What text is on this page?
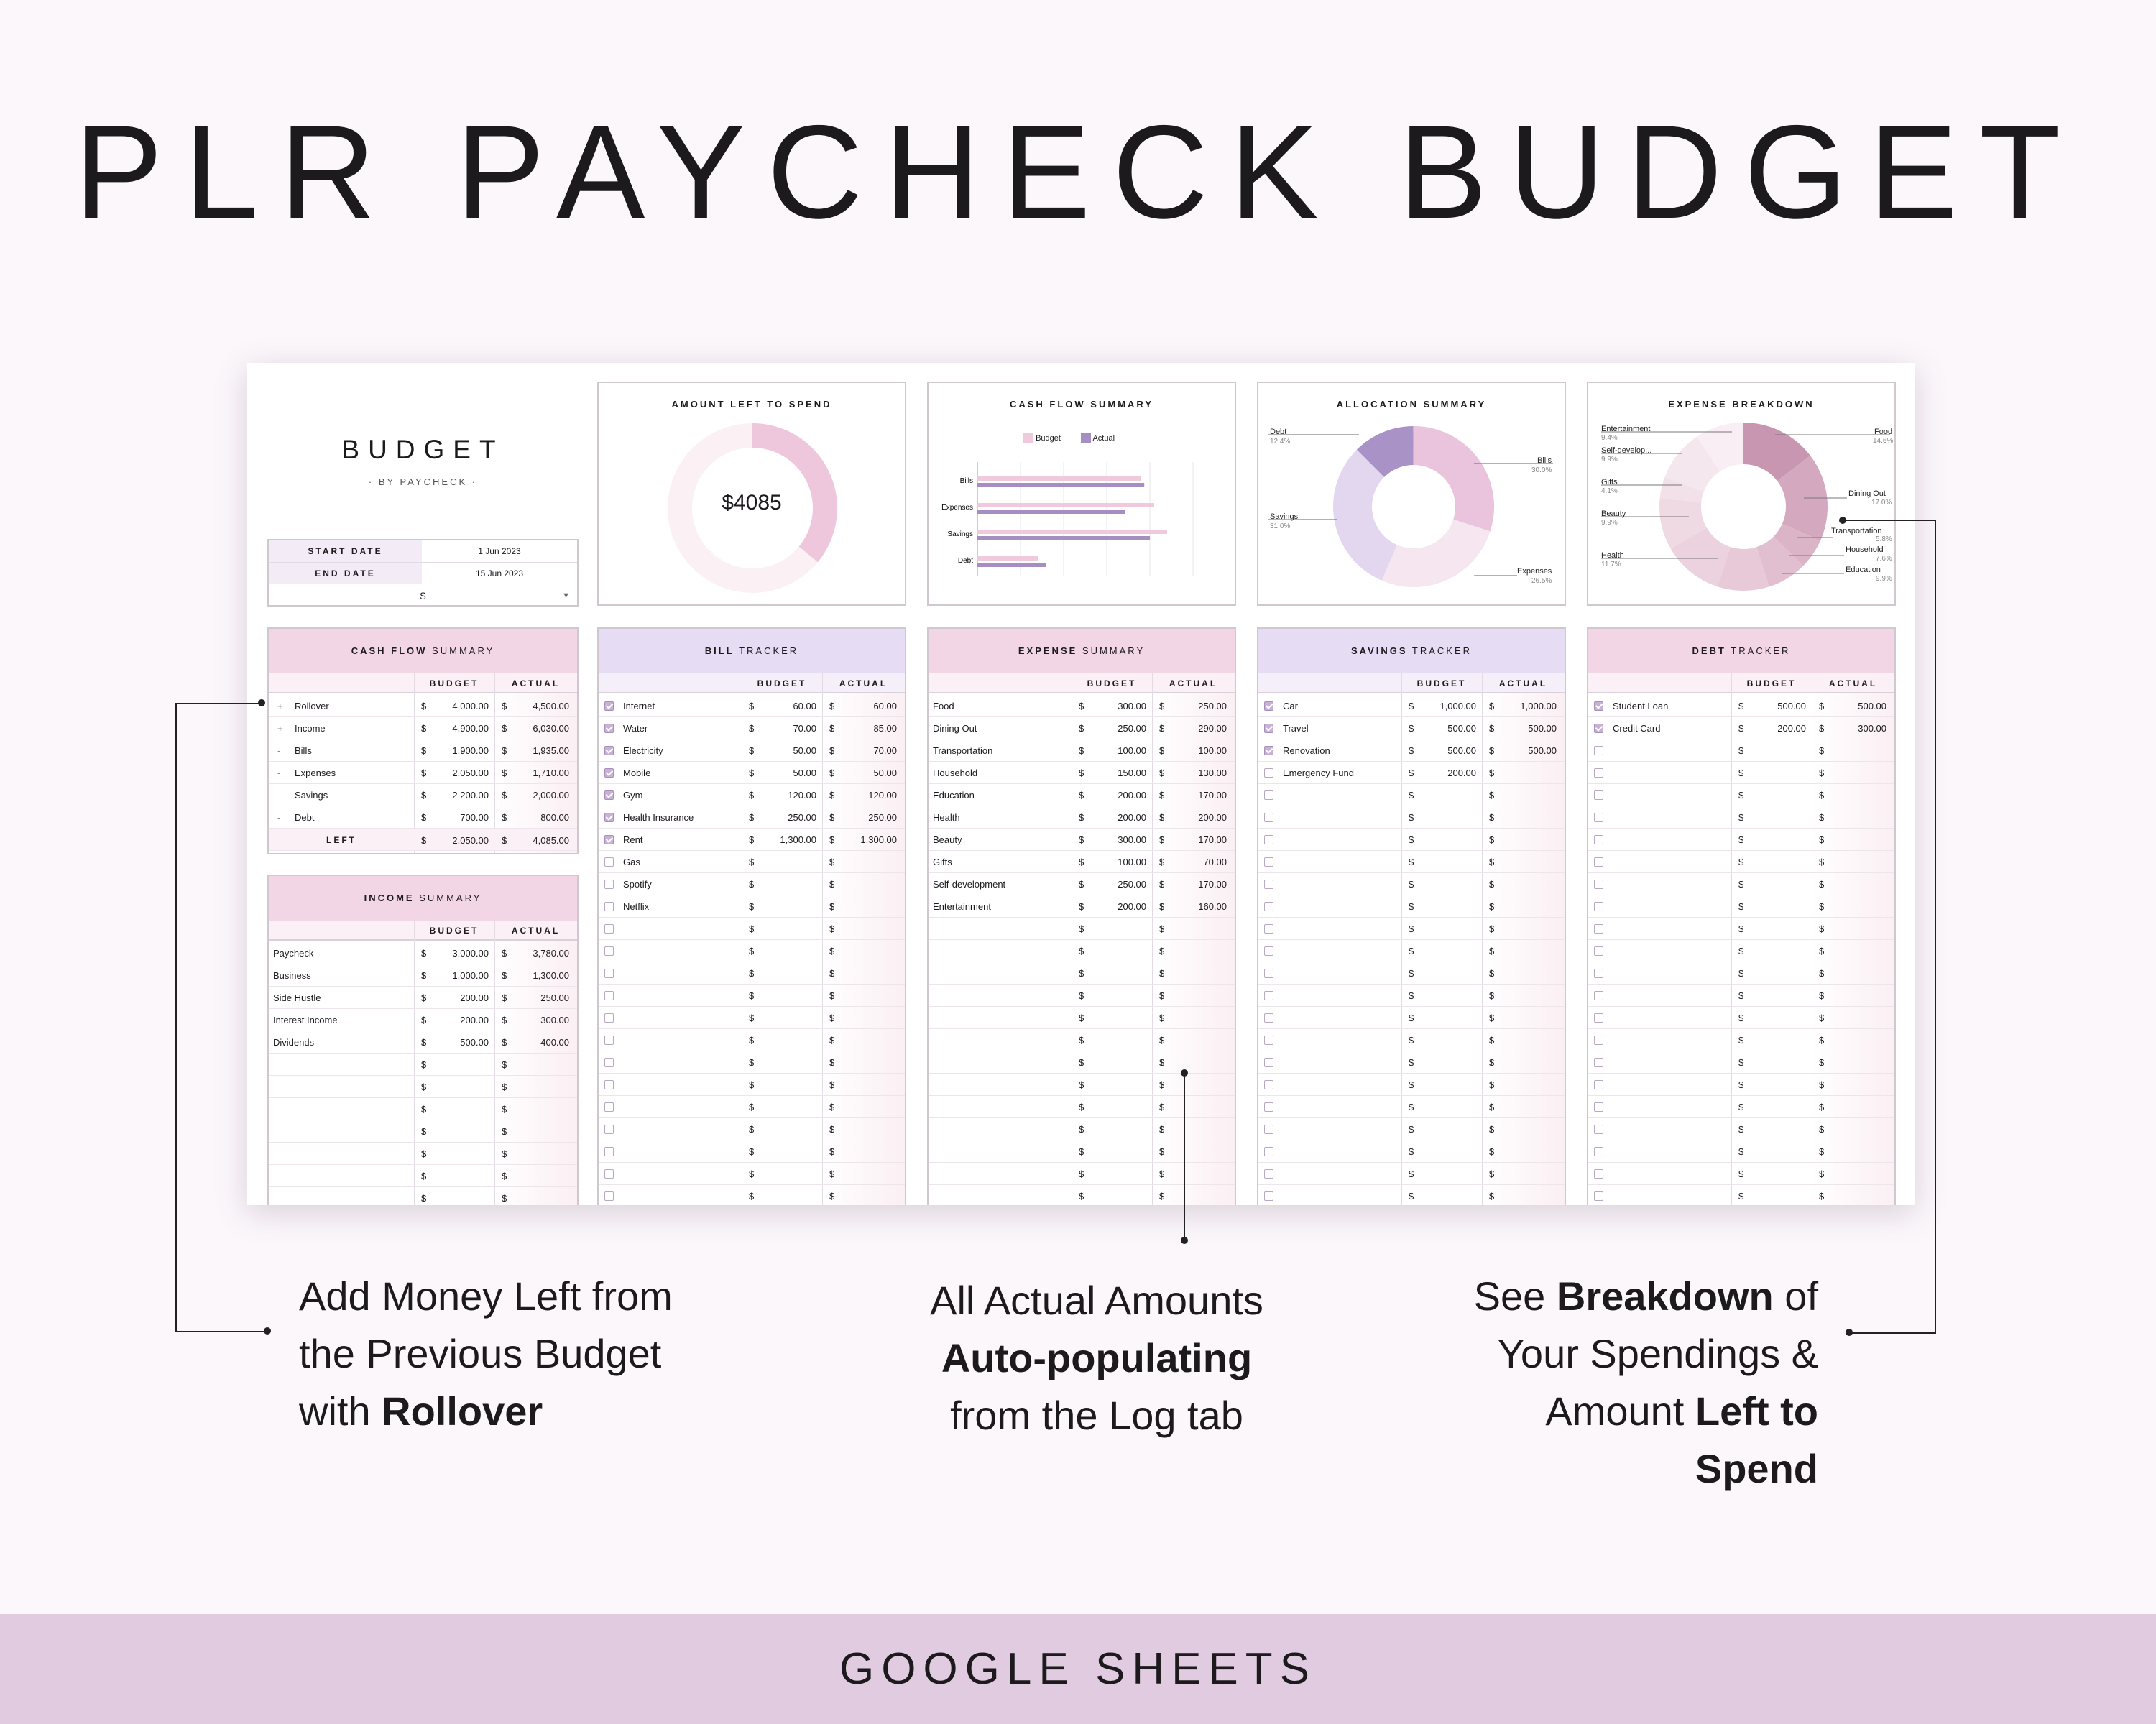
PLR PAYCHECK BUDGET
BUDGET
· BY PAYCHECK ·
START DATE	1 Jun 2023
END DATE	15 Jun 2023
$	▼
AMOUNT LEFT TO SPEND
$4085
CASH FLOW SUMMARY
Budget	Actual
Bills
Expenses
Savings
Debt
ALLOCATION SUMMARY
Debt
12.4%
Bills
30.0%
Expenses
26.5%
Savings
31.0%
EXPENSE BREAKDOWN
Entertainment
9.4%
Self-develop...
9.9%
Gifts
4.1%
Beauty
9.9%
Health
11.7%
Food
14.6%
Dining Out
17.0%
Transportation
5.8%
Household
7.6%
Education
9.9%
CASH FLOW SUMMARY
BUDGET	ACTUAL
+ Rollover	$	4,000.00 $	4,500.00
+ Income	$	4,900.00 $	6,030.00
- Bills	$	1,900.00 $	1,935.00
- Expenses	$	2,050.00 $	1,710.00
- Savings	$	2,200.00 $	2,000.00
- Debt	$	700.00 $	800.00
LEFT	$	2,050.00 $	4,085.00
INCOME SUMMARY
BUDGET	ACTUAL
Paycheck	$	3,000.00 $	3,780.00
Business	$	1,000.00 $	1,300.00
Side Hustle	$	200.00 $	250.00
Interest Income	$	200.00 $	300.00
Dividends	$	500.00 $	400.00
$	$
$	$
$	$
$	$
$	$
$	$
$	$
BILL TRACKER
BUDGET	ACTUAL
Internet	$	60.00 $	60.00
Water	$	70.00 $	85.00
Electricity	$	50.00 $	70.00
Mobile	$	50.00 $	50.00
Gym	$	120.00 $	120.00
Health Insurance	$	250.00 $	250.00
Rent	$	1,300.00 $	1,300.00
Gas	$	$
Spotify	$	$
Netflix	$	$
$	$
$	$
$	$
$	$
$	$
$	$
$	$
$	$
$	$
$	$
$	$
$	$
$	$
EXPENSE SUMMARY
BUDGET	ACTUAL
Food	$	300.00 $	250.00
Dining Out	$	250.00 $	290.00
Transportation	$	100.00 $	100.00
Household	$	150.00 $	130.00
Education	$	200.00 $	170.00
Health	$	200.00 $	200.00
Beauty	$	300.00 $	170.00
Gifts	$	100.00 $	70.00
Self-development	$	250.00 $	170.00
Entertainment	$	200.00 $	160.00
$	$
$	$
$	$
$	$
$	$
$	$
$	$
$	$
$	$
$	$
$	$
$	$
$	$
SAVINGS TRACKER
BUDGET	ACTUAL
Car	$	1,000.00 $	1,000.00
Travel	$	500.00 $	500.00
Renovation	$	500.00 $	500.00
Emergency Fund	$	200.00 $
$	$
$	$
$	$
$	$
$	$
$	$
$	$
$	$
$	$
$	$
$	$
$	$
$	$
$	$
$	$
$	$
$	$
$	$
$	$
DEBT TRACKER
BUDGET	ACTUAL
Student Loan	$	500.00 $	500.00
Credit Card	$	200.00 $	300.00
$	$
$	$
$	$
$	$
$	$
$	$
$	$
$	$
$	$
$	$
$	$
$	$
$	$
$	$
$	$
$	$
$	$
$	$
$	$
$	$
$	$
Add Money Left from
the Previous Budget
with Rollover
All Actual Amounts
Auto-populating
from the Log tab
See Breakdown of
Your Spendings &
Amount Left to
Spend
GOOGLE SHEETS
